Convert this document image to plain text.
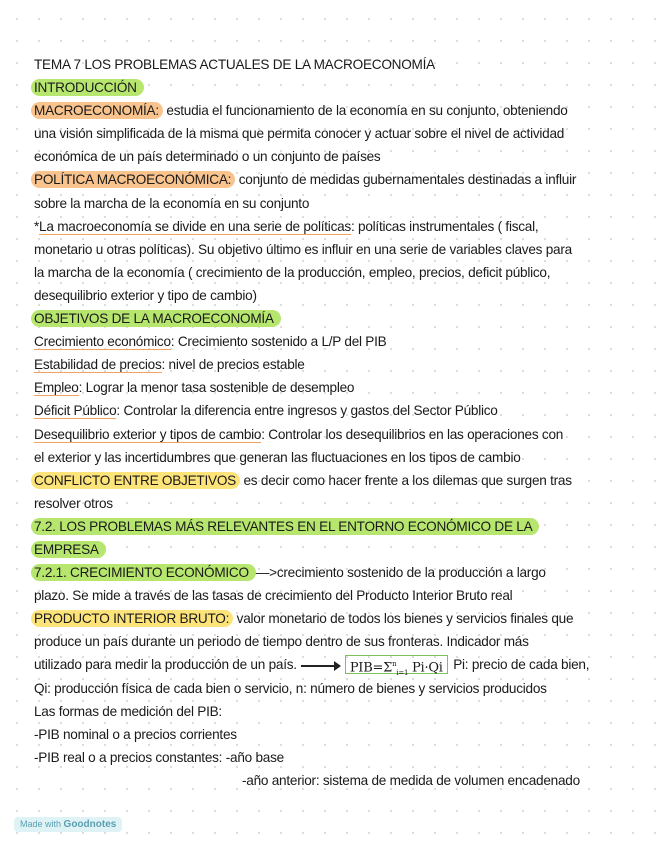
TEMA 7 LOS PROBLEMAS ACTUALES DE LA MACROECONOMÍA
INTRODUCCIÓN
MACROECONOMÍA: estudia el funcionamiento de la economía en su conjunto, obteniendo
una visión simplificada de la misma que permita conocer y actuar sobre el nivel de actividad
económica de un país determinado o un conjunto de países
POLÍTICA MACROECONÓMICA: conjunto de medidas gubernamentales destinadas a influir
sobre la marcha de la economía en su conjunto
*La macroeconomía se divide en una serie de políticas: políticas instrumentales ( fiscal,
monetario u otras políticas). Su objetivo último es influir en una serie de variables claves para
la marcha de la economía ( crecimiento de la producción, empleo, precios, deficit público,
desequilibrio exterior y tipo de cambio)
OBJETIVOS DE LA MACROECONOMÍA
Crecimiento económico: Crecimiento sostenido a L/P del PIB
Estabilidad de precios: nivel de precios estable
Empleo: Lograr la menor tasa sostenible de desempleo
Déficit Público: Controlar la diferencia entre ingresos y gastos del Sector Público
Desequilibrio exterior y tipos de cambio: Controlar los desequilibrios en las operaciones con
el exterior y las incertidumbres que generan las fluctuaciones en los tipos de cambio
CONFLICTO ENTRE OBJETIVOS es decir como hacer frente a los dilemas que surgen tras
resolver otros
7.2. LOS PROBLEMAS MÁS RELEVANTES EN EL ENTORNO ECONÓMICO DE LA
EMPRESA
7.2.1. CRECIMIENTO ECONÓMICO —>crecimiento sostenido de la producción a largo
plazo. Se mide a través de las tasas de crecimiento del Producto Interior Bruto real
PRODUCTO INTERIOR BRUTO: valor monetario de todos los bienes y servicios finales que
produce un país durante un periodo de tiempo dentro de sus fronteras. Indicador más
utilizado para medir la producción de un país.	$PIB=\Sigma^n_{i=1}$ Pi·Qi Pi: precio de cada bien,
Qi: producción física de cada bien o servicio, n: número de bienes y servicios producidos
Las formas de medición del PIB:
-PIB nominal o a precios corrientes
-PIB real o a precios constantes: -año base
-año anterior: sistema de medida de volumen encadenado
Made with Goodnotes
